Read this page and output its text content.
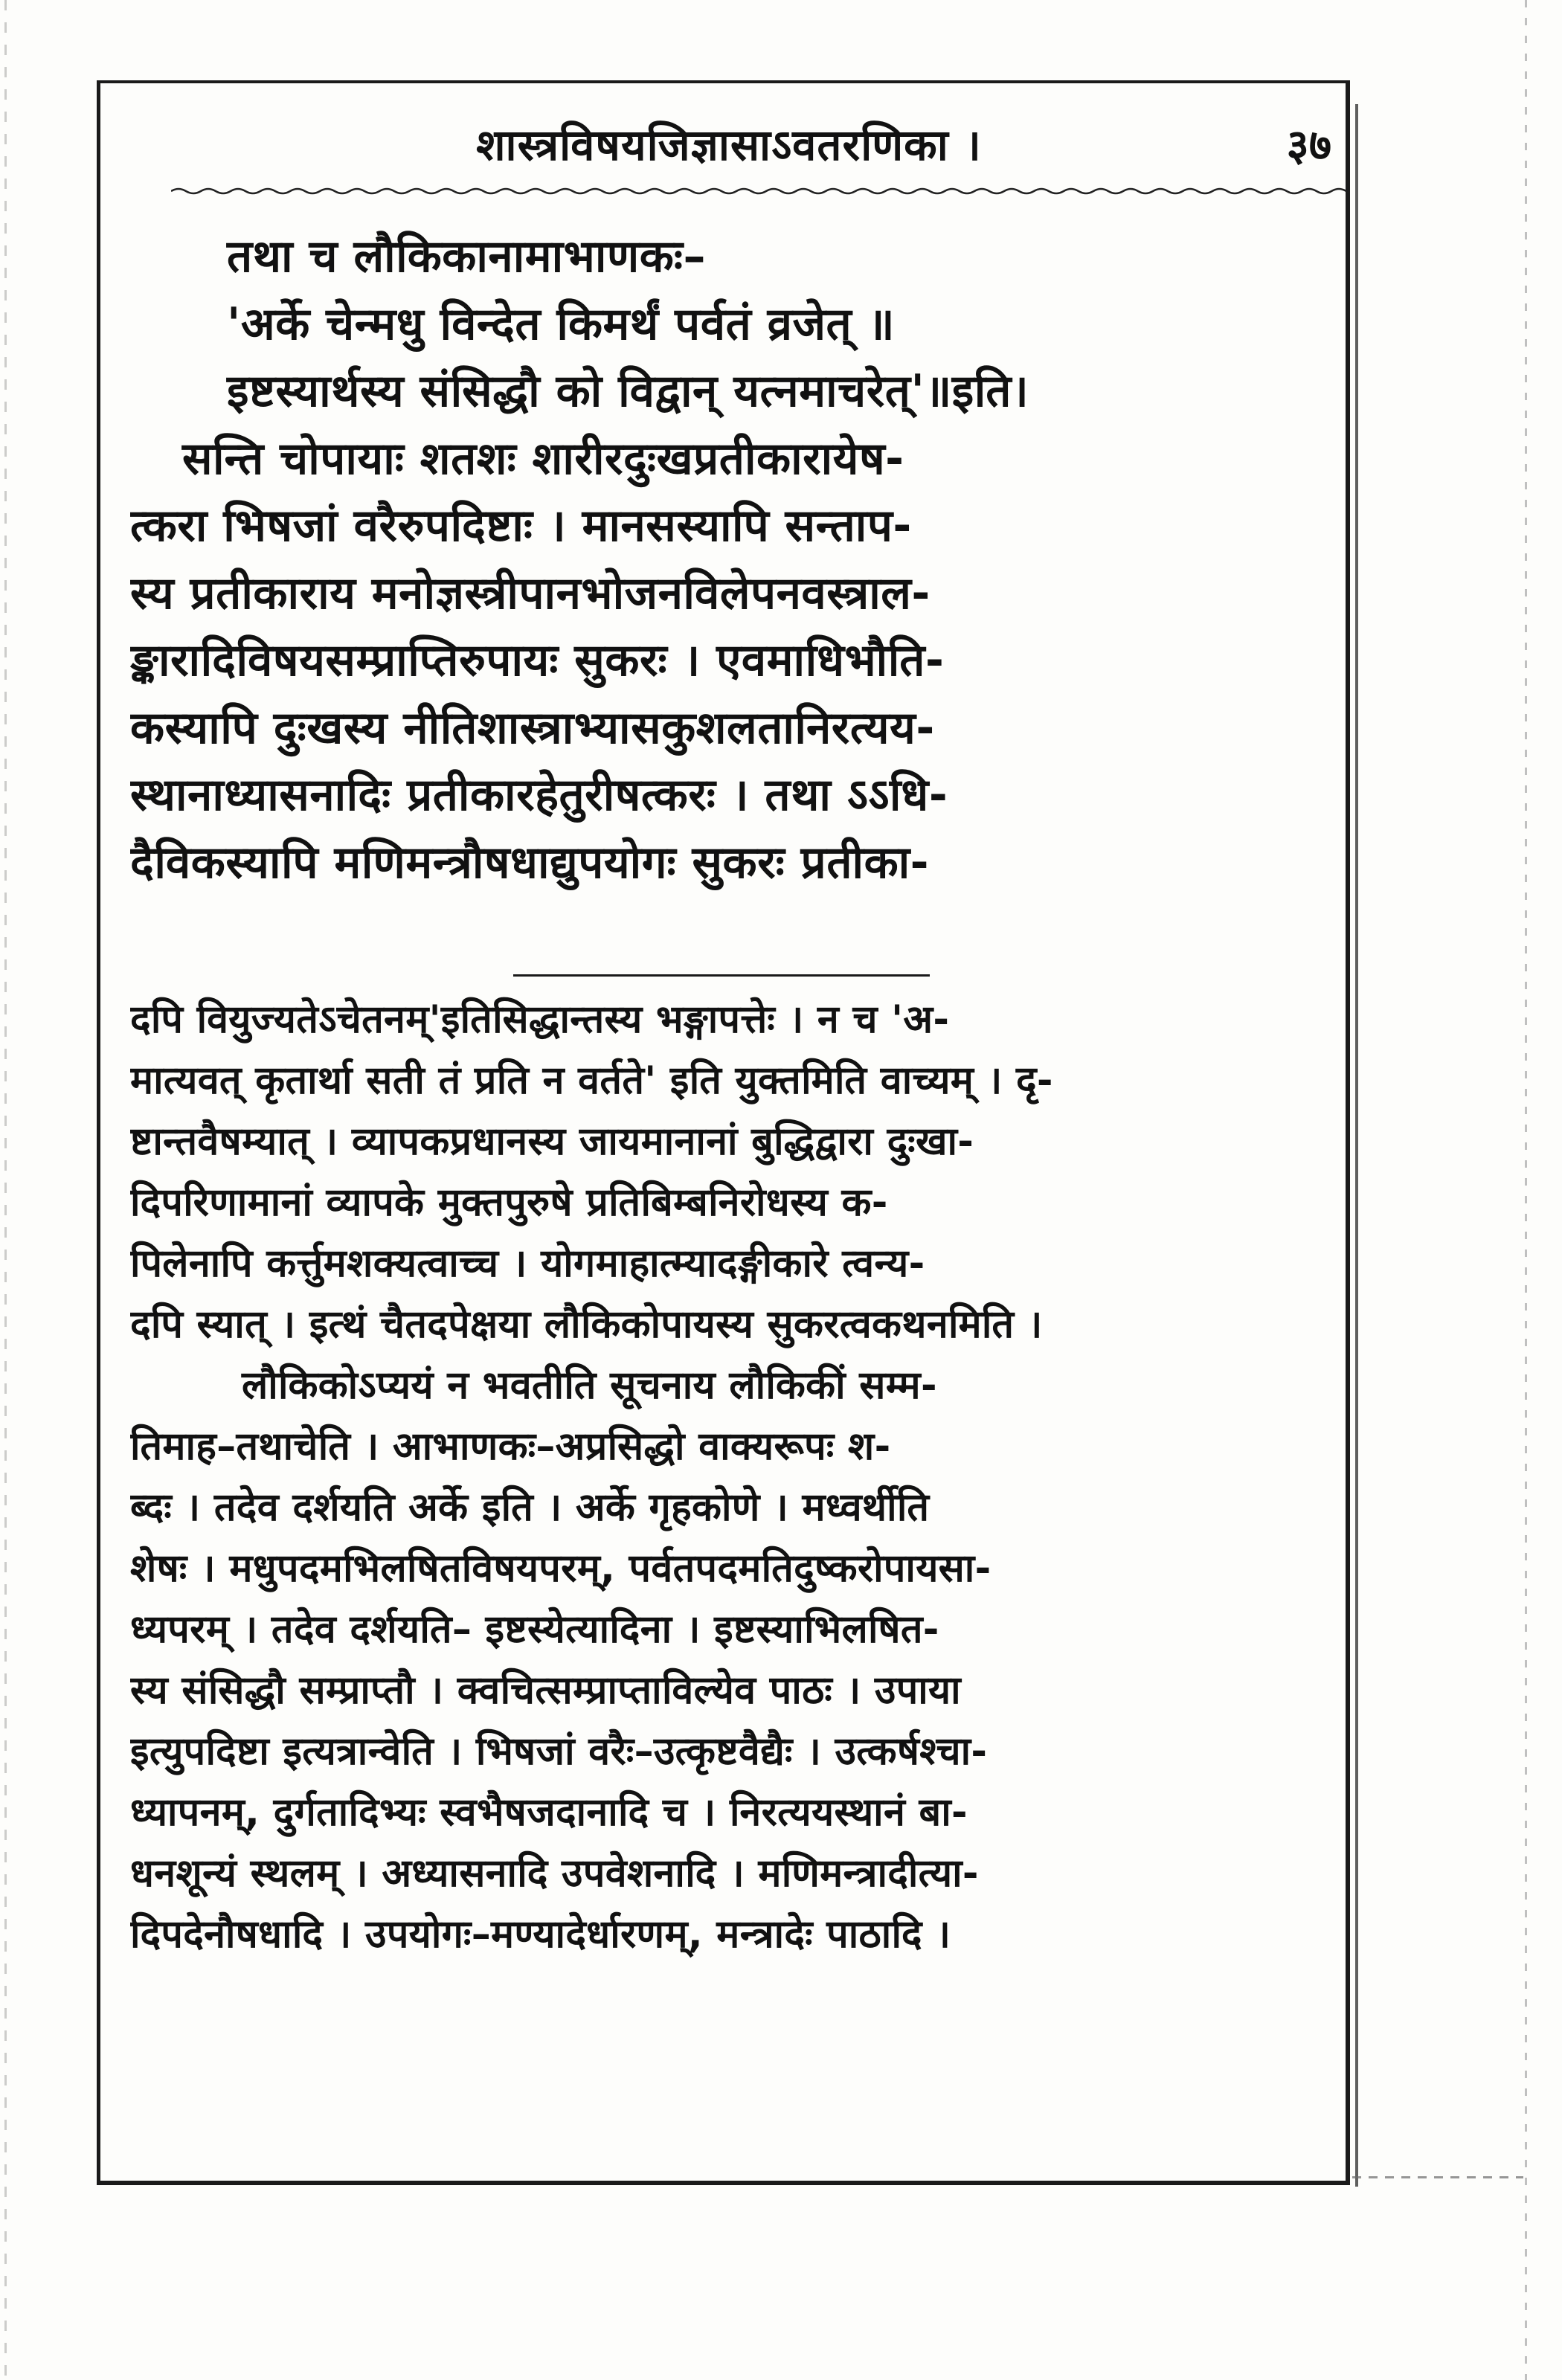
शास्त्रविषयजिज्ञासाऽवतरणिका ।	३७
तथा च लौकिकानामाभाणकः–
'अर्के चेन्मधु विन्देत किमर्थं पर्वतं व्रजेत् ॥
इष्टस्यार्थस्य संसिद्धौ को विद्वान् यत्नमाचरेत्'॥इति।
सन्ति चोपायाः शतशः शारीरदुःखप्रतीकारायेष-
त्करा भिषजां वरैरुपदिष्टाः । मानसस्यापि सन्ताप-
स्य प्रतीकाराय मनोज्ञस्त्रीपानभोजनविलेपनवस्त्राल-
ङ्कारादिविषयसम्प्राप्तिरुपायः सुकरः । एवमाधिभौति-
कस्यापि दुःखस्य नीतिशास्त्राभ्यासकुशलतानिरत्यय-
स्थानाध्यासनादिः प्रतीकारहेतुरीषत्करः । तथा ऽऽधि-
दैविकस्यापि मणिमन्त्रौषधाद्युपयोगः सुकरः प्रतीका-
दपि वियुज्यतेऽचेतनम्'इतिसिद्धान्तस्य भङ्गापत्तेः । न च 'अ-
मात्यवत् कृतार्था सती तं प्रति न वर्तते' इति युक्तमिति वाच्यम् । दृ-
ष्टान्तवैषम्यात् । व्यापकप्रधानस्य जायमानानां बुद्धिद्वारा दुःखा-
दिपरिणामानां व्यापके मुक्तपुरुषे प्रतिबिम्बनिरोधस्य क-
पिलेनापि कर्त्तुमशक्यत्वाच्च । योगमाहात्म्यादङ्गीकारे त्वन्य-
दपि स्यात् । इत्थं चैतदपेक्षया लौकिकोपायस्य सुकरत्वकथनमिति ।
लौकिकोऽप्ययं न भवतीति सूचनाय लौकिकीं सम्म-
तिमाह–तथाचेति । आभाणकः–अप्रसिद्धो वाक्यरूपः श-
ब्दः । तदेव दर्शयति अर्के इति । अर्के गृहकोणे । मध्वर्थीति
शेषः । मधुपदमभिलषितविषयपरम्, पर्वतपदमतिदुष्करोपायसा-
ध्यपरम् । तदेव दर्शयति– इष्टस्येत्यादिना । इष्टस्याभिलषित-
स्य संसिद्धौ सम्प्राप्तौ । क्वचित्सम्प्राप्ताविल्येव पाठः । उपाया
इत्युपदिष्टा इत्यत्रान्वेति । भिषजां वरैः–उत्कृष्टवैद्यैः । उत्कर्षश्चा-
ध्यापनम्, दुर्गतादिभ्यः स्वभैषजदानादि च । निरत्ययस्थानं बा-
धनशून्यं स्थलम् । अध्यासनादि उपवेशनादि । मणिमन्त्रादीत्या-
दिपदेनौषधादि । उपयोगः–मण्यादेर्धारणम्, मन्त्रादेः पाठादि ।
